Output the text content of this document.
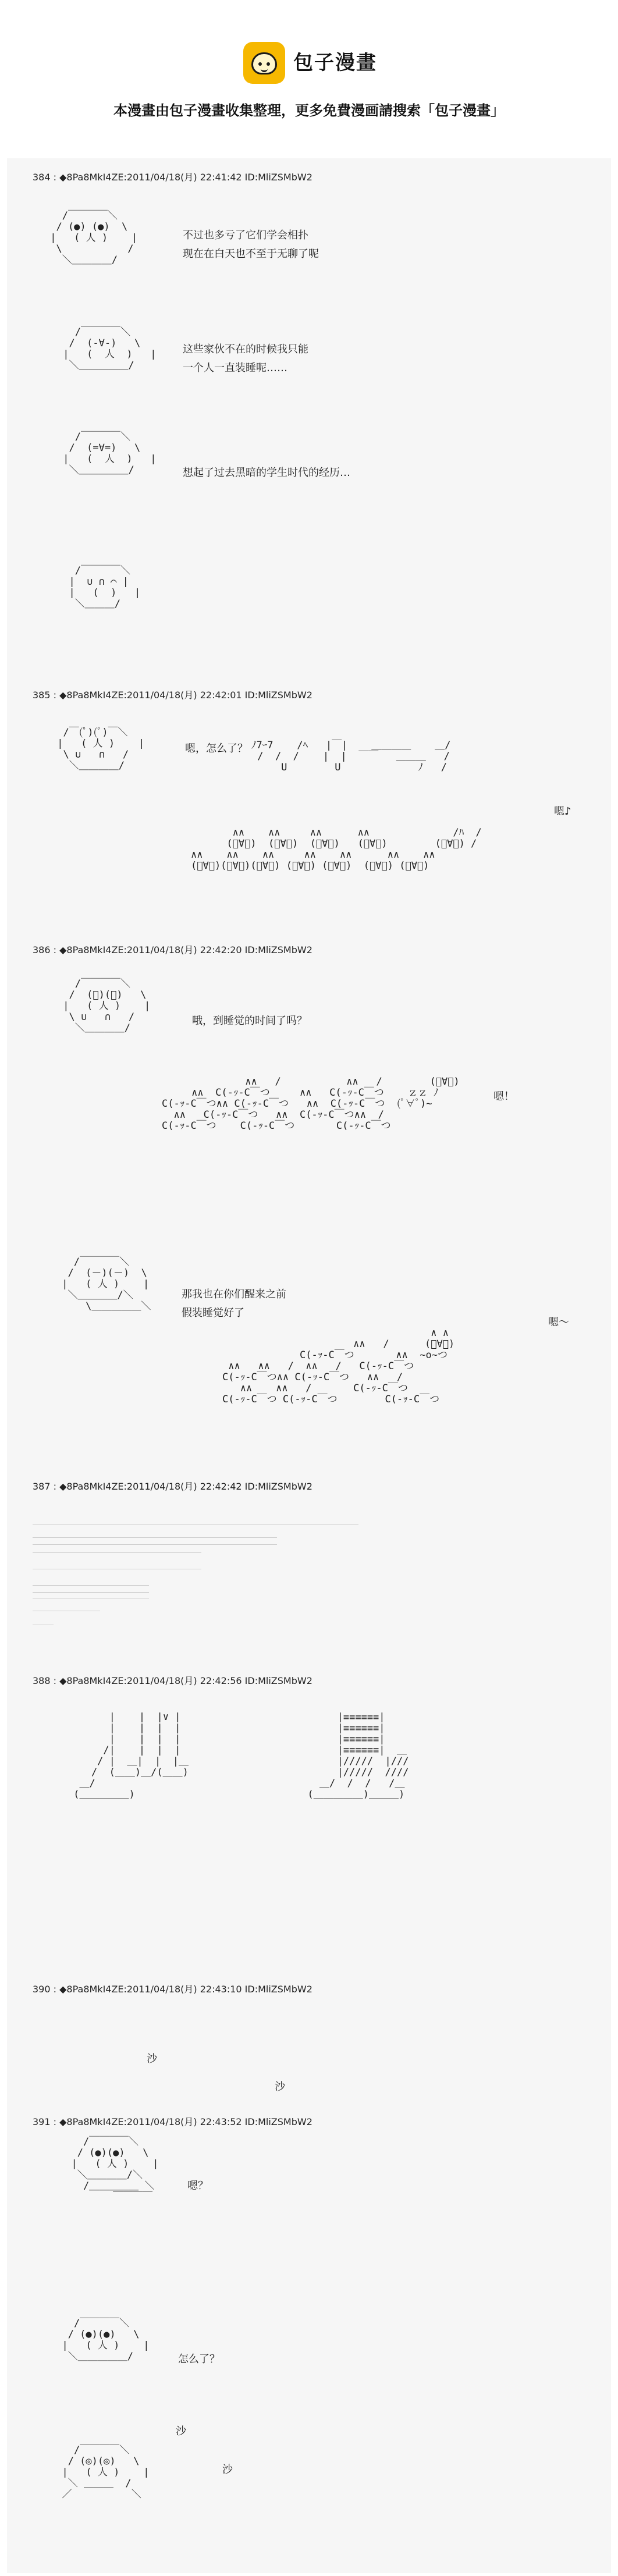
包子漫畫
本漫畫由包子漫畫收集整理，更多免費漫画請搜索「包子漫畫」
384 : ◆8Pa8MkI4ZE:2011/04/18(月) 22:41:42 ID:MliZSMbW2
/￣￣￣￣＼
/ (●) (●)  \
|   ( 人 )    |
\           /
＼＿＿＿＿/
不过也多亏了它们学会相扑
现在在白天也不至于无聊了呢
/￣￣￣￣＼
/  (-∀-)   \
|   (  人  )   |
＼＿＿＿＿＿/
这些家伙不在的时候我只能
一个人一直装睡呢……
/￣￣￣￣＼
/  (=∀=)   \
|   (  人  )   |
＼＿＿＿＿＿/	想起了过去黑暗的学生时代的经历…
/￣￣￣￣＼
|  ∪ ∩ ⌒ |
|   (  )   |
＼＿＿＿/
385 : ◆8Pa8MkI4ZE:2011/04/18(月) 22:42:01 ID:MliZSMbW2
/￣(ﾟ)(ﾟ)￣＼
|   ( 人 )    |
\ ∪   ∩   /
＼＿＿＿＿/
嗯，怎么了？ ﾉ7ｰ7    /ﾍ   |￣|    ＿＿＿＿    ＿/
/  /  /    |  |  ￣￣   ＿＿＿   /
U        U             ﾉ   /
嗯♪
∧∧    ∧∧     ∧∧      ∧∧              /ﾊ  /
(ﾟ∀ﾟ)  (ﾟ∀ﾟ)  (ﾟ∀ﾟ)   (ﾟ∀ﾟ)        (ﾟ∀ﾟ) /
∧∧    ∧∧    ∧∧     ∧∧    ∧∧      ∧∧    ∧∧
(ﾟ∀ﾟ)(ﾟ∀ﾟ)(ﾟ∀ﾟ) (ﾟ∀ﾟ) (ﾟ∀ﾟ)  (ﾟ∀ﾟ) (ﾟ∀ﾟ)
386 : ◆8Pa8MkI4ZE:2011/04/18(月) 22:42:20 ID:MliZSMbW2
/￣￣￣￣＼
/  (ﾟ)(ﾟ)   \
|   ( 人 )    |
\ ∪   ∩   /
＼＿＿＿＿/
哦，到睡觉的时间了吗？
嗯！
∧∧   /           ∧∧   /        (ﾟ∀ﾟ)
∧∧  C(-ｯ-C￣つ     ∧∧   C(-ｯ-C￣つ    ｚｚ ﾉ
C(-ｯ-C￣つ∧∧ C(-ｯ-C￣つ   ∧∧  C(-ｯ-C￣つ  (ﾟ∀ﾟ)~
∧∧   C(-ｯ-C￣つ   ∧∧  C(-ｯ-C￣つ∧∧  /
C(-ｯ-C￣つ    C(-ｯ-C￣つ       C(-ｯ-C￣つ
/￣￣￣￣＼
/  (－)(－)  \
|   ( 人 )    |
＼＿＿＿＿/＼
\＿＿＿＿＿＼
那我也在你们醒来之前
假装睡觉好了
嗯～
∧ ∧
∧∧   /      (ﾟ∀ﾟ)
C(-ｯ-C￣つ       ∧∧  ~o~つ
∧∧   ∧∧   /  ∧∧   /   C(-ｯ-C￣つ
C(-ｯ-C￣つ∧∧ C(-ｯ-C￣つ   ∧∧   /
∧∧    ∧∧   /       C(-ｯ-C￣つ
C(-ｯ-C￣つ C(-ｯ-C￣つ        C(-ｯ-C￣つ
387 : ◆8Pa8MkI4ZE:2011/04/18(月) 22:42:42 ID:MliZSMbW2
388 : ◆8Pa8MkI4ZE:2011/04/18(月) 22:42:56 ID:MliZSMbW2
|    |  |∨ |
|    |  |  |
|    |  |  |
/|    |  |  |
/ |  ＿|  |  |＿
/  (＿＿)＿/(＿＿)
＿/
(＿＿＿＿＿)
|≡≡≡≡≡≡|
|≡≡≡≡≡≡|
|≡≡≡≡≡≡|
|≡≡≡≡≡≡|  ＿
|/////  |///
|/////  ////
＿/  /  /   /＿
(＿＿＿＿＿)＿＿＿)
390 : ◆8Pa8MkI4ZE:2011/04/18(月) 22:43:10 ID:MliZSMbW2
沙
沙
391 : ◆8Pa8MkI4ZE:2011/04/18(月) 22:43:52 ID:MliZSMbW2
/￣￣￣￣＼
/ (●)(●)   \
|   ( 人 )    |
＼＿＿＿＿/＼
/＿＿＿＿＿ ＼
￣￣￣￣
嗯？
/￣￣￣￣＼
/ (●)(●)   \
|   ( 人 )    |
＼＿＿＿＿＿/	怎么了？
沙
沙
/￣￣￣￣＼
/ (◎)(◎)   \
|   ( 人 )    |
＼ ＿＿＿  /
／          ＼
